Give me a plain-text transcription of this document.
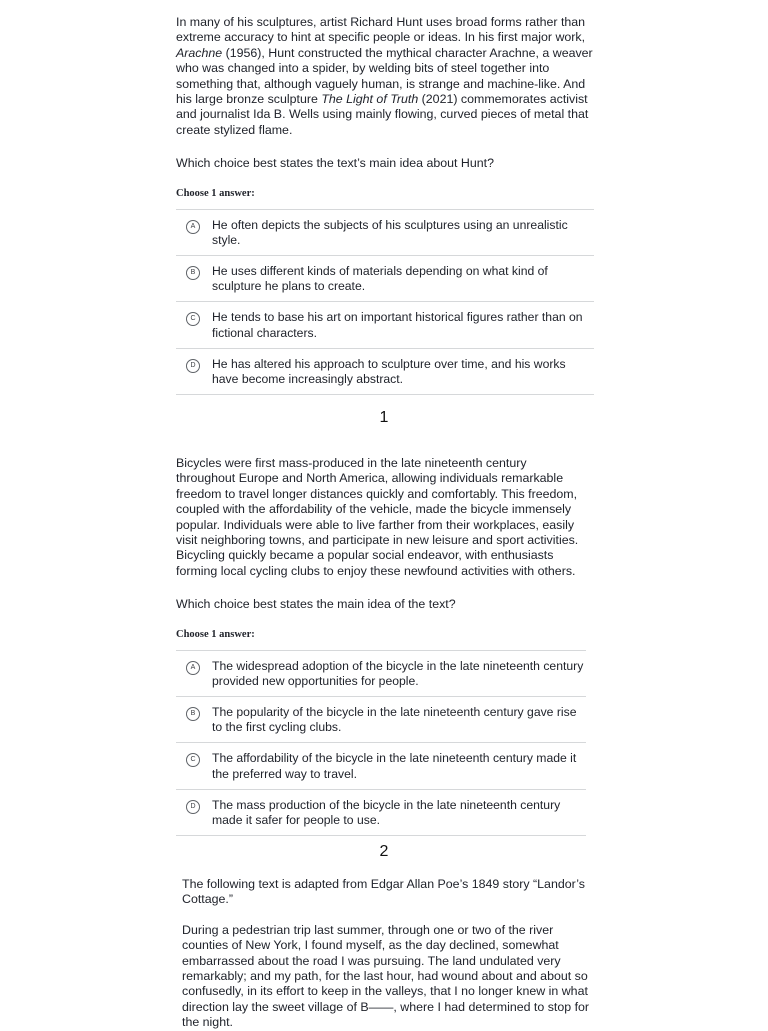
In many of his sculptures, artist Richard Hunt uses broad forms rather than extreme accuracy to hint at specific people or ideas. In his first major work, Arachne (1956), Hunt constructed the mythical character Arachne, a weaver who was changed into a spider, by welding bits of steel together into something that, although vaguely human, is strange and machine-like. And his large bronze sculpture The Light of Truth (2021) commemorates activist and journalist Ida B. Wells using mainly flowing, curved pieces of metal that create stylized flame.

Which choice best states the text’s main idea about Hunt?

Choose 1 answer:
A	He often depicts the subjects of his sculptures using an unrealistic style.
B	He uses different kinds of materials depending on what kind of sculpture he plans to create.
C	He tends to base his art on important historical figures rather than on fictional characters.
D	He has altered his approach to sculpture over time, and his works have become increasingly abstract.
1

Bicycles were first mass-produced in the late nineteenth century throughout Europe and North America, allowing individuals remarkable freedom to travel longer distances quickly and comfortably. This freedom, coupled with the affordability of the vehicle, made the bicycle immensely popular. Individuals were able to live farther from their workplaces, easily visit neighboring towns, and participate in new leisure and sport activities. Bicycling quickly became a popular social endeavor, with enthusiasts forming local cycling clubs to enjoy these newfound activities with others.

Which choice best states the main idea of the text?

Choose 1 answer:
A	The widespread adoption of the bicycle in the late nineteenth century provided new opportunities for people.
B	The popularity of the bicycle in the late nineteenth century gave rise to the first cycling clubs.
C	The affordability of the bicycle in the late nineteenth century made it the preferred way to travel.
D	The mass production of the bicycle in the late nineteenth century made it safer for people to use.
2

The following text is adapted from Edgar Allan Poe’s 1849 story “Landor’s Cottage.”

During a pedestrian trip last summer, through one or two of the river counties of New York, I found myself, as the day declined, somewhat embarrassed about the road I was pursuing. The land undulated very remarkably; and my path, for the last hour, had wound about and about so confusedly, in its effort to keep in the valleys, that I no longer knew in what direction lay the sweet village of B——, where I had determined to stop for the night.
